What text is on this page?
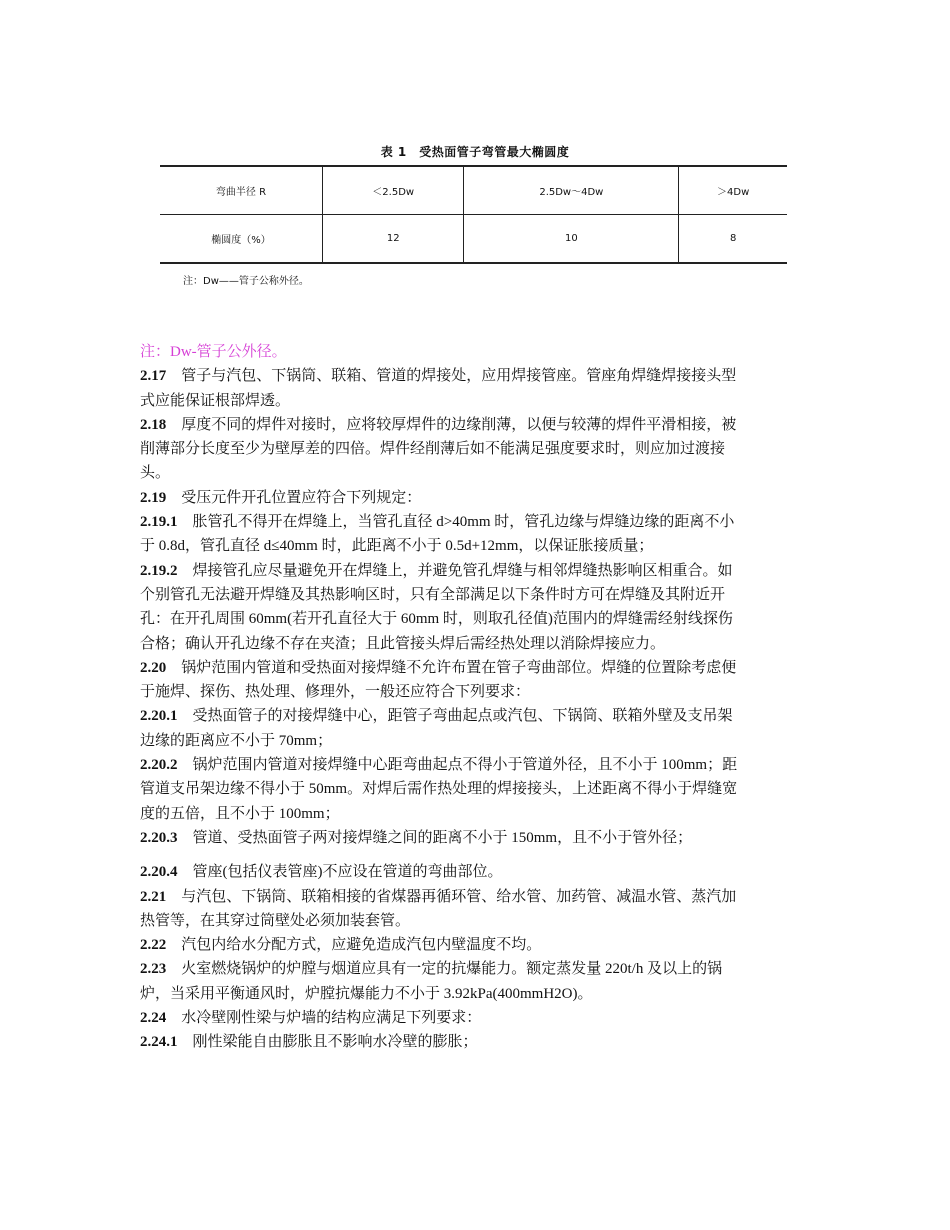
表 1　受热面管子弯管最大椭圆度
弯曲半径 R	＜2.5Dw	2.5Dw～4Dw	＞4Dw
椭圆度（%）	12	10	8
注：Dw——管子公称外径。

注：Dw-管子公外径。

2.17　 管子与汽包、下锅筒、联箱、管道的焊接处，应用焊接管座。管座角焊缝焊接接头型式应能保证根部焊透。

2.18　 厚度不同的焊件对接时，应将较厚焊件的边缘削薄，以便与较薄的焊件平滑相接，被削薄部分长度至少为壁厚差的四倍。焊件经削薄后如不能满足强度要求时，则应加过渡接头。

2.19　 受压元件开孔位置应符合下列规定：

2.19.1　 胀管孔不得开在焊缝上，当管孔直径 d>40mm 时，管孔边缘与焊缝边缘的距离不小于 0.8d，管孔直径 d≤40mm 时，此距离不小于 0.5d+12mm，以保证胀接质量；

2.19.2　 焊接管孔应尽量避免开在焊缝上，并避免管孔焊缝与相邻焊缝热影响区相重合。如个别管孔无法避开焊缝及其热影响区时，只有全部满足以下条件时方可在焊缝及其附近开孔：在开孔周围 60mm(若开孔直径大于 60mm 时，则取孔径值)范围内的焊缝需经射线探伤合格；确认开孔边缘不存在夹渣；且此管接头焊后需经热处理以消除焊接应力。

2.20　 锅炉范围内管道和受热面对接焊缝不允许布置在管子弯曲部位。焊缝的位置除考虑便于施焊、探伤、热处理、修理外，一般还应符合下列要求：

2.20.1　 受热面管子的对接焊缝中心，距管子弯曲起点或汽包、下锅筒、联箱外壁及支吊架边缘的距离应不小于 70mm；

2.20.2　 锅炉范围内管道对接焊缝中心距弯曲起点不得小于管道外径，且不小于 100mm；距管道支吊架边缘不得小于 50mm。对焊后需作热处理的焊接接头，上述距离不得小于焊缝宽度的五倍，且不小于 100mm；

2.20.3　 管道、受热面管子两对接焊缝之间的距离不小于 150mm，且不小于管外径；

2.20.4　 管座(包括仪表管座)不应设在管道的弯曲部位。

2.21　 与汽包、下锅筒、联箱相接的省煤器再循环管、给水管、加药管、减温水管、蒸汽加热管等，在其穿过筒壁处必须加装套管。

2.22　 汽包内给水分配方式，应避免造成汽包内壁温度不均。

2.23　 火室燃烧锅炉的炉膛与烟道应具有一定的抗爆能力。额定蒸发量 220t/h 及以上的锅炉，当采用平衡通风时，炉膛抗爆能力不小于 3.92kPa(400mmH2O)。

2.24　 水冷壁刚性梁与炉墙的结构应满足下列要求：

2.24.1　 刚性梁能自由膨胀且不影响水冷壁的膨胀；
